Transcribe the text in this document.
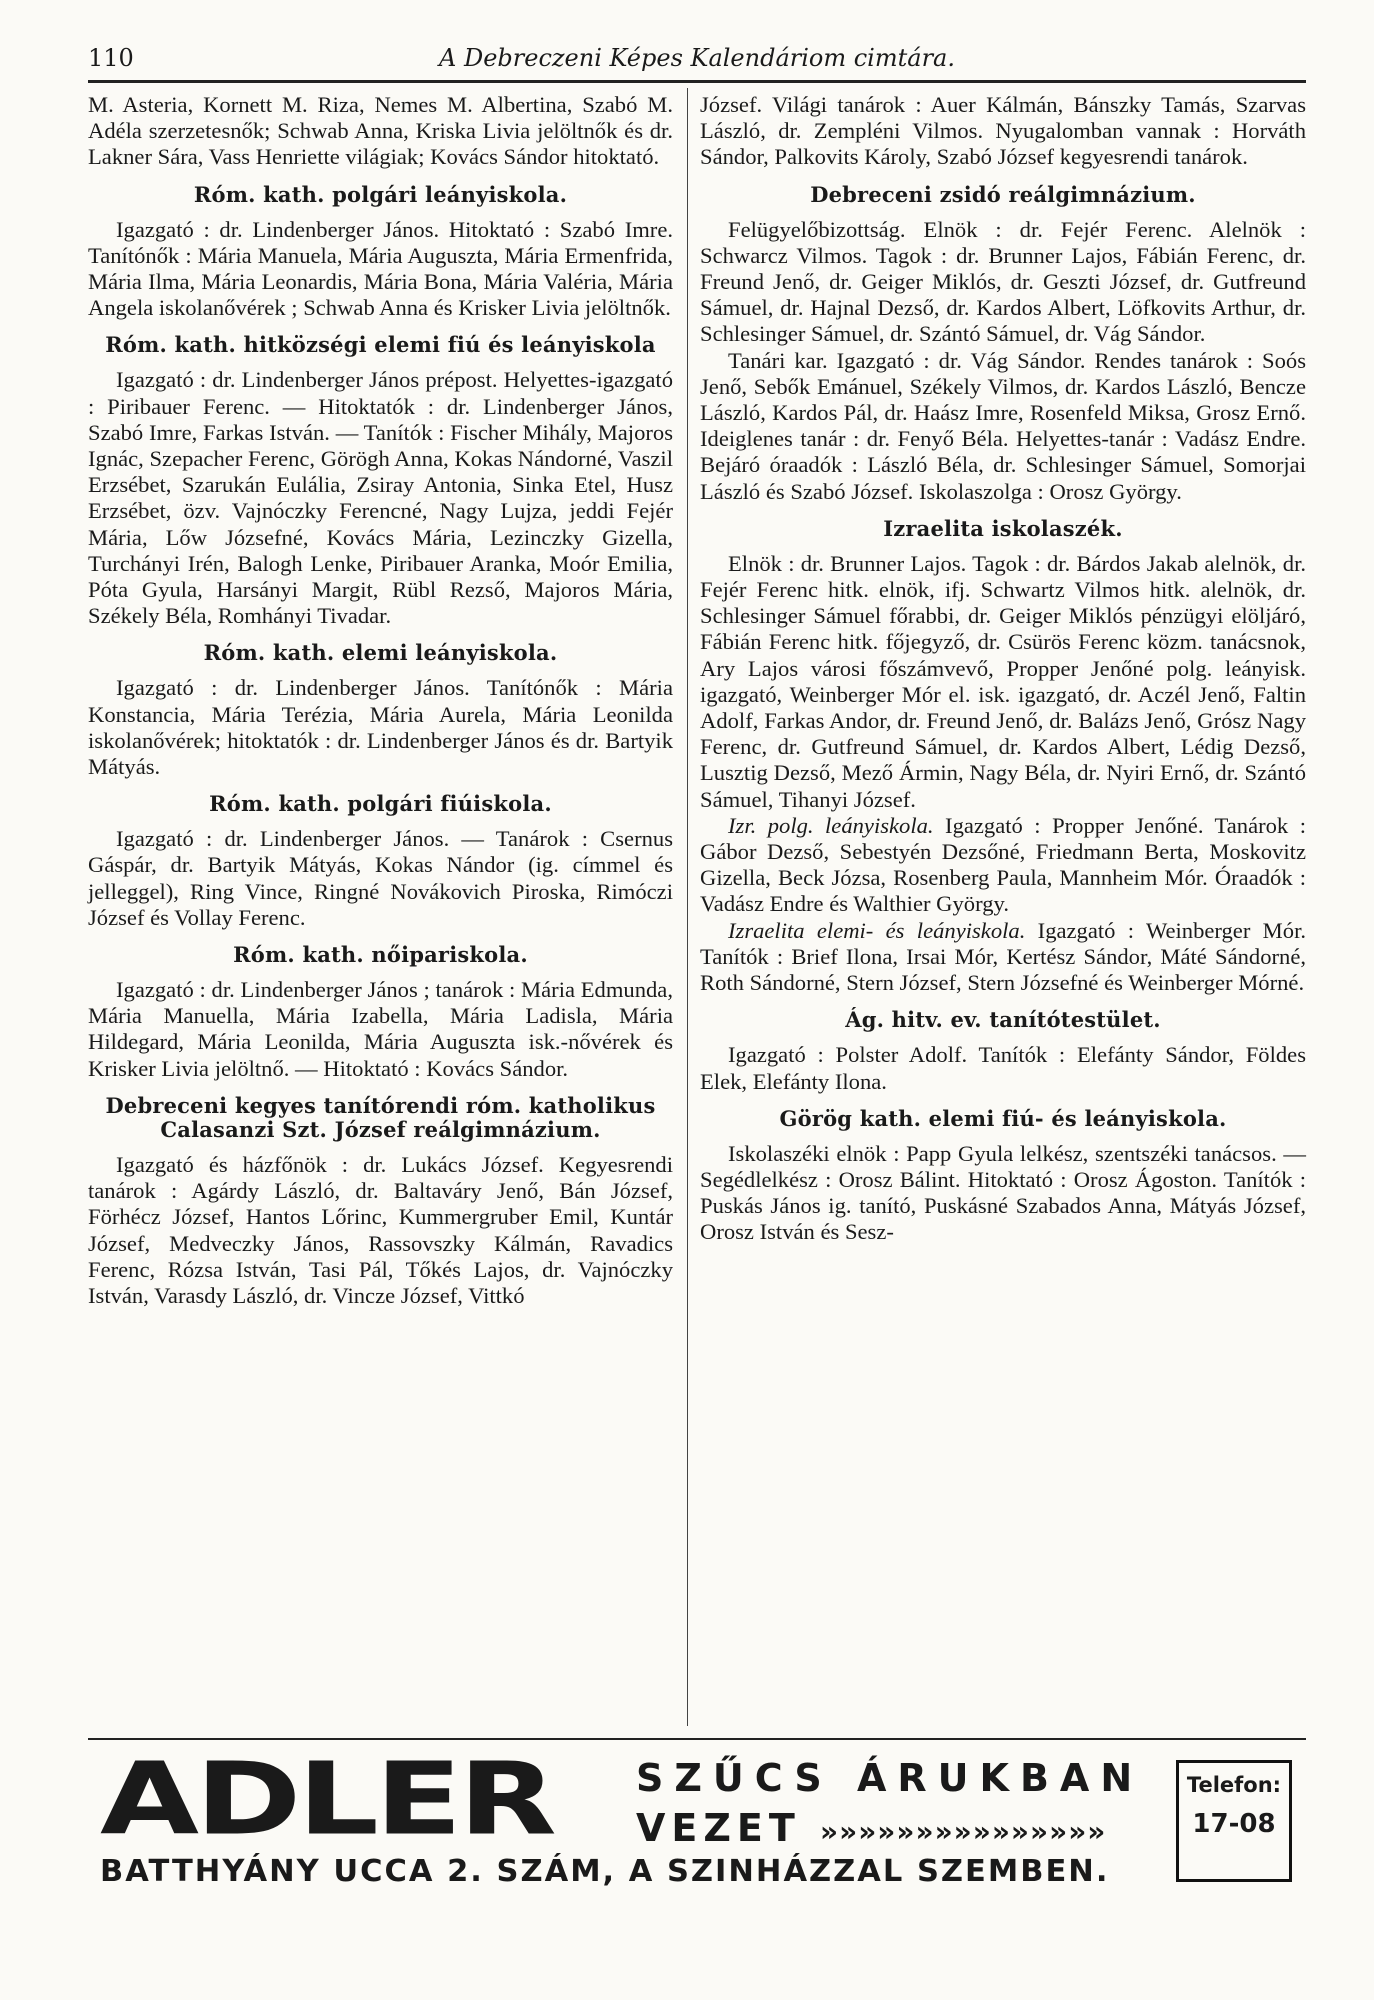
110	A Debreczeni Képes Kalendáriom cimtára.

M. Asteria, Kornett M. Riza, Nemes M. Albertina, Szabó M. Adéla szerzetesnők; Schwab Anna, Kriska Livia jelöltnők és dr. Lakner Sára, Vass Henriette világiak; Kovács Sándor hitoktató.

Róm. kath. polgári leányiskola.

Igazgató : dr. Lindenberger János. Hitoktató : Szabó Imre. Tanítónők : Mária Manuela, Mária Auguszta, Mária Ermenfrida, Mária Ilma, Mária Leonardis, Mária Bona, Mária Valéria, Mária Angela iskolanővérek ; Schwab Anna és Krisker Livia jelöltnők.

Róm. kath. hitközségi elemi fiú és leányiskola

Igazgató : dr. Lindenberger János prépost. Helyettes-igazgató : Piribauer Ferenc. — Hitoktatók : dr. Lindenberger János, Szabó Imre, Farkas István. — Tanítók : Fischer Mihály, Majoros Ignác, Szepacher Ferenc, Görögh Anna, Kokas Nándorné, Vaszil Erzsébet, Szarukán Eulália, Zsiray Antonia, Sinka Etel, Husz Erzsébet, özv. Vajnóczky Ferencné, Nagy Lujza, jeddi Fejér Mária, Lőw Józsefné, Kovács Mária, Lezinczky Gizella, Turchányi Irén, Balogh Lenke, Piribauer Aranka, Moór Emilia, Póta Gyula, Harsányi Margit, Rübl Rezső, Majoros Mária, Székely Béla, Romhányi Tivadar.

Róm. kath. elemi leányiskola.

Igazgató : dr. Lindenberger János. Tanítónők : Mária Konstancia, Mária Terézia, Mária Aurela, Mária Leonilda iskolanővérek; hitoktatók : dr. Lindenberger János és dr. Bartyik Mátyás.

Róm. kath. polgári fiúiskola.

Igazgató : dr. Lindenberger János. — Tanárok : Csernus Gáspár, dr. Bartyik Mátyás, Kokas Nándor (ig. címmel és jelleggel), Ring Vince, Ringné Novákovich Piroska, Rimóczi József és Vollay Ferenc.

Róm. kath. nőipariskola.

Igazgató : dr. Lindenberger János ; tanárok : Mária Edmunda, Mária Manuella, Mária Izabella, Mária Ladisla, Mária Hildegard, Mária Leonilda, Mária Auguszta isk.-nővérek és Krisker Livia jelöltnő. — Hitoktató : Kovács Sándor.

Debreceni kegyes tanítórendi róm. katholikus Calasanzi Szt. József reálgimnázium.

Igazgató és házfőnök : dr. Lukács József. Kegyesrendi tanárok : Agárdy László, dr. Baltaváry Jenő, Bán József, Förhécz József, Hantos Lőrinc, Kummergruber Emil, Kuntár József, Medveczky János, Rassovszky Kálmán, Ravadics Ferenc, Rózsa István, Tasi Pál, Tőkés Lajos, dr. Vajnóczky István, Varasdy László, dr. Vincze József, Vittkó

József. Világi tanárok : Auer Kálmán, Bánszky Tamás, Szarvas László, dr. Zempléni Vilmos. Nyugalomban vannak : Horváth Sándor, Palkovits Károly, Szabó József kegyesrendi tanárok.

Debreceni zsidó reálgimnázium.

Felügyelőbizottság. Elnök : dr. Fejér Ferenc. Alelnök : Schwarcz Vilmos. Tagok : dr. Brunner Lajos, Fábián Ferenc, dr. Freund Jenő, dr. Geiger Miklós, dr. Geszti József, dr. Gutfreund Sámuel, dr. Hajnal Dezső, dr. Kardos Albert, Löfkovits Arthur, dr. Schlesinger Sámuel, dr. Szántó Sámuel, dr. Vág Sándor.

Tanári kar. Igazgató : dr. Vág Sándor. Rendes tanárok : Soós Jenő, Sebők Emánuel, Székely Vilmos, dr. Kardos László, Bencze László, Kardos Pál, dr. Haász Imre, Rosenfeld Miksa, Grosz Ernő. Ideiglenes tanár : dr. Fenyő Béla. Helyettes-tanár : Vadász Endre. Bejáró óraadók : László Béla, dr. Schlesinger Sámuel, Somorjai László és Szabó József. Iskolaszolga : Orosz György.

Izraelita iskolaszék.

Elnök : dr. Brunner Lajos. Tagok : dr. Bárdos Jakab alelnök, dr. Fejér Ferenc hitk. elnök, ifj. Schwartz Vilmos hitk. alelnök, dr. Schlesinger Sámuel főrabbi, dr. Geiger Miklós pénzügyi elöljáró, Fábián Ferenc hitk. főjegyző, dr. Csürös Ferenc közm. tanácsnok, Ary Lajos városi főszámvevő, Propper Jenőné polg. leányisk. igazgató, Weinberger Mór el. isk. igazgató, dr. Aczél Jenő, Faltin Adolf, Farkas Andor, dr. Freund Jenő, dr. Balázs Jenő, Grósz Nagy Ferenc, dr. Gutfreund Sámuel, dr. Kardos Albert, Lédig Dezső, Lusztig Dezső, Mező Ármin, Nagy Béla, dr. Nyiri Ernő, dr. Szántó Sámuel, Tihanyi József.

Izr. polg. leányiskola. Igazgató : Propper Jenőné. Tanárok : Gábor Dezső, Sebestyén Dezsőné, Friedmann Berta, Moskovitz Gizella, Beck Józsa, Rosenberg Paula, Mannheim Mór. Óraadók : Vadász Endre és Walthier György.

Izraelita elemi- és leányiskola. Igazgató : Weinberger Mór. Tanítók : Brief Ilona, Irsai Mór, Kertész Sándor, Máté Sándorné, Roth Sándorné, Stern József, Stern Józsefné és Weinberger Mórné.

Ág. hitv. ev. tanítótestület.

Igazgató : Polster Adolf. Tanítók : Elefánty Sándor, Földes Elek, Elefánty Ilona.

Görög kath. elemi fiú- és leányiskola.

Iskolaszéki elnök : Papp Gyula lelkész, szentszéki tanácsos. — Segédlelkész : Orosz Bálint. Hitoktató : Orosz Ágoston. Tanítók : Puskás János ig. tanító, Puskásné Szabados Anna, Mátyás József, Orosz István és Sesz-

ADLER SZŰCS ÁRUKBAN
VEZET »»»»»»»»»»»»»»»
BATTHYÁNY UCCA 2. SZÁM, A SZINHÁZZAL SZEMBEN.
Telefon:
17-08
